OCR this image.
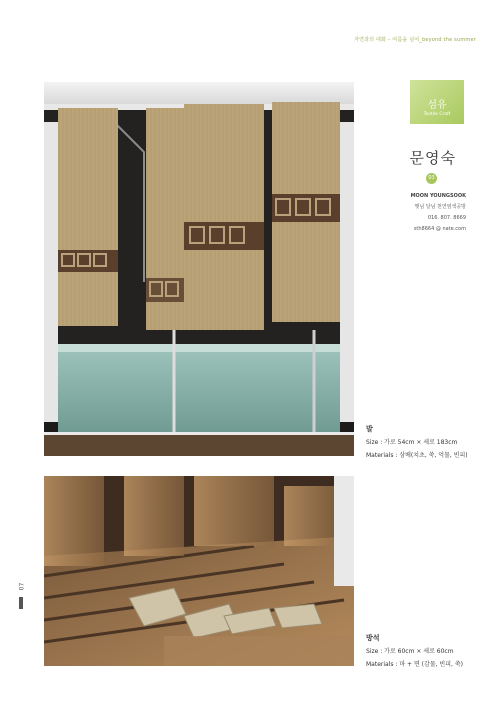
자연과의 대화 – 여름을 넘어_beyond the summer
섬유
Textile Craft
문영숙
03
MOON YOUNGSOOK
햇님 달님 천연염색공방
016. 807. 8669
sth8664 @ nate.com
발
Size : 가로 54cm × 세로 183cm
Materials : 삼베(치초, 쑥, 억물, 빈피)
방석
Size : 가로 60cm × 세로 60cm
Materials : 마 + 면 (감물, 빈피, 쑥)
07
